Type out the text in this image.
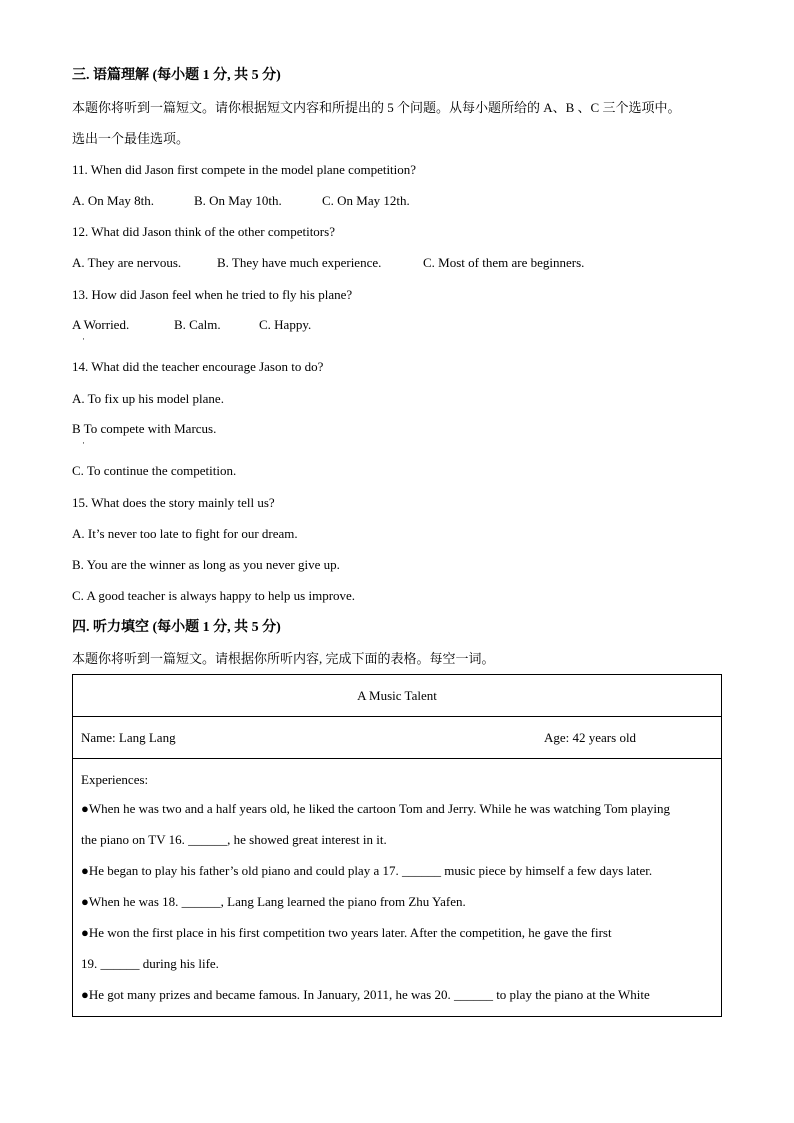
三. 语篇理解 (每小题 1 分, 共 5 分)
本题你将听到一篇短文。请你根据短文内容和所提出的 5 个问题。从每小题所给的 A、B 、C 三个选项中。
选出一个最佳选项。
11. When did Jason first compete in the model plane competition?
A. On May 8th.	B. On May 10th.	C. On May 12th.
12. What did Jason think of the other competitors?
A. They are nervous.	B. They have much experience.	C. Most of them are beginners.
13. How did Jason feel when he tried to fly his plane?
A Worried.	B. Calm.	C. Happy.
·
14. What did the teacher encourage Jason to do?
A. To fix up his model plane.
B To compete with Marcus.
·
C. To continue the competition.
15. What does the story mainly tell us?
A. It’s never too late to fight for our dream.
B. You are the winner as long as you never give up.
C. A good teacher is always happy to help us improve.
四. 听力填空 (每小题 1 分, 共 5 分)
本题你将听到一篇短文。请根据你所听内容, 完成下面的表格。每空一词。
A Music Talent

Name: Lang Lang	Age: 42 years old

Experiences:
●When he was two and a half years old, he liked the cartoon Tom and Jerry. While he was watching Tom playing
the piano on TV 16. ______, he showed great interest in it.
●He began to play his father’s old piano and could play a 17. ______ music piece by himself a few days later.
●When he was 18. ______, Lang Lang learned the piano from Zhu Yafen.
●He won the first place in his first competition two years later. After the competition, he gave the first
19. ______ during his life.
●He got many prizes and became famous. In January, 2011, he was 20. ______ to play the piano at the White
